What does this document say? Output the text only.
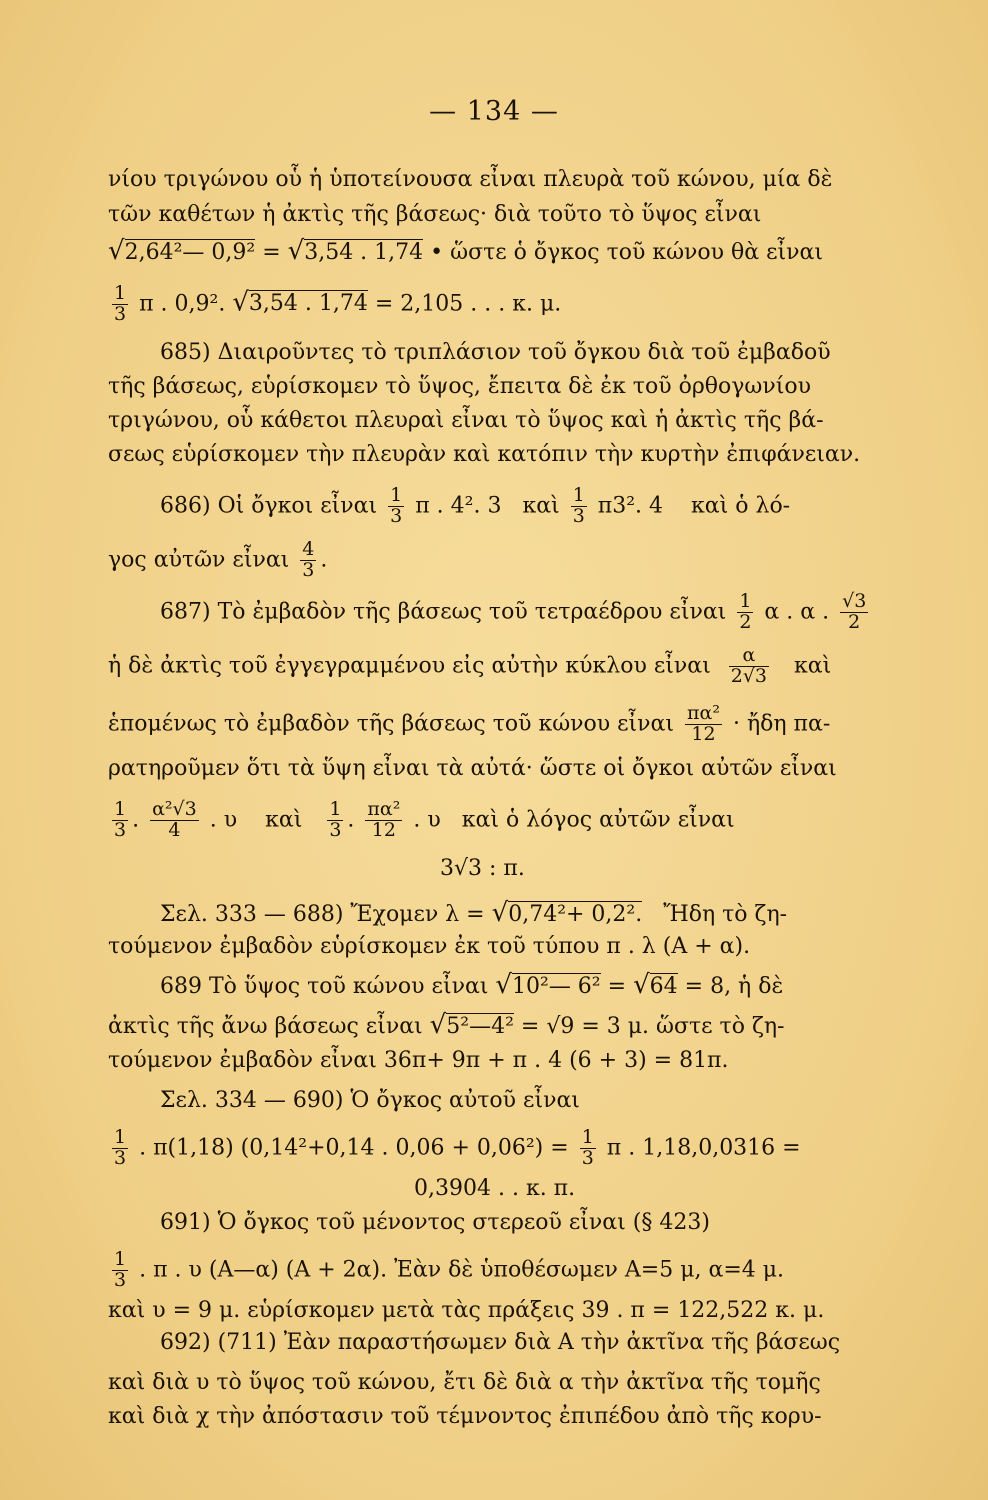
— 134 —
νίου τριγώνου οὗ ἡ ὑποτείνουσα εἶναι πλευρὰ τοῦ κώνου, μία δὲ
τῶν καθέτων ἡ ἀκτὶς τῆς βάσεως· διὰ τοῦτο τὸ ὕψος εἶναι
√2,64²— 0,9² = √3,54 . 1,74 • ὥστε ὁ ὄγκος τοῦ κώνου θὰ εἶναι
$\frac{1}{3}$ π . 0,9². √3,54 . 1,74 = 2,105 . . . κ. μ.
685) Διαιροῦντες τὸ τριπλάσιον τοῦ ὄγκου διὰ τοῦ ἐμβαδοῦ
τῆς βάσεως, εὑρίσκομεν τὸ ὕψος, ἔπειτα δὲ ἐκ τοῦ ὀρθογωνίου
τριγώνου, οὗ κάθετοι πλευραὶ εἶναι τὸ ὕψος καὶ ἡ ἀκτὶς τῆς βά-
σεως εὑρίσκομεν τὴν πλευρὰν καὶ κατόπιν τὴν κυρτὴν ἐπιφάνειαν.
686) Οἱ ὄγκοι εἶναι $\frac{1}{3}$ π . 4². 3 καὶ $\frac{1}{3} \pi 3^2$. 4 καὶ ὁ λό-
γος αὐτῶν εἶναι $\frac{4}{3}$ .
687) Τὸ ἐμβαδὸν τῆς βάσεως τοῦ τετραέδρου εἶναι $\frac{1}{2}$ α . α . $\frac{√3}{2}$
ἡ δὲ ἀκτὶς τοῦ ἐγγεγραμμένου εἰς αὐτὴν κύκλου εἶναι $\frac{\alpha}{2√3}$ καὶ
ἑπομένως τὸ ἐμβαδὸν τῆς βάσεως τοῦ κώνου εἶναι $\frac{\text{πα²}}{12}$ · ἤδη πα-
ρατηροῦμεν ὅτι τὰ ὕψη εἶναι τὰ αὐτά· ὥστε οἱ ὄγκοι αὐτῶν εἶναι
$\frac{1}{3}$ . $\frac{\text{α²√3}}{4}$ . υ καὶ $\frac{1}{3}$ . $\frac{\text{πα²}}{12}$ . υ καὶ ὁ λόγος αὐτῶν εἶναι
3√3 : π.
Σελ. 333 — 688) Ἔχομεν λ = √0,74²+ 0,2². Ἤδη τὸ ζη-
τούμενον ἐμβαδὸν εὑρίσκομεν ἐκ τοῦ τύπου π . λ (Α + α).
689 Τὸ ὕψος τοῦ κώνου εἶναι √10²— 6² = √64 = 8, ἡ δὲ
ἀκτὶς τῆς ἄνω βάσεως εἶναι √5²—4² = √9 = 3 μ. ὥστε τὸ ζη-
τούμενον ἐμβαδὸν εἶναι 36π+ 9π + π . 4 (6 + 3) = 81π.
Σελ. 334 — 690) Ὁ ὄγκος αὐτοῦ εἶναι
$\frac{1}{3}$ . π(1,18) (0,14²+0,14 . $0,06 + 0,06^2) = \frac{1}{3}$ π . 1,18,0,0316 =
0,3904 . . κ. π.
691) Ὁ ὄγκος τοῦ μένοντος στερεοῦ εἶναι (§ 423)
$\frac{1}{3}$ . π . υ (Α—α) (Α + 2α). Ἐὰν δὲ ὑποθέσωμεν Α=5 μ, α=4 μ.
καὶ υ = 9 μ. εὑρίσκομεν μετὰ τὰς πράξεις 39 . π = 122,522 κ. μ.
692) (711) Ἐὰν παραστήσωμεν διὰ Α τὴν ἀκτῖνα τῆς βάσεως
καὶ διὰ υ τὸ ὕψος τοῦ κώνου, ἔτι δὲ διὰ α τὴν ἀκτῖνα τῆς τομῆς
καὶ διὰ χ τὴν ἀπόστασιν τοῦ τέμνοντος ἐπιπέδου ἀπὸ τῆς κορυ-
